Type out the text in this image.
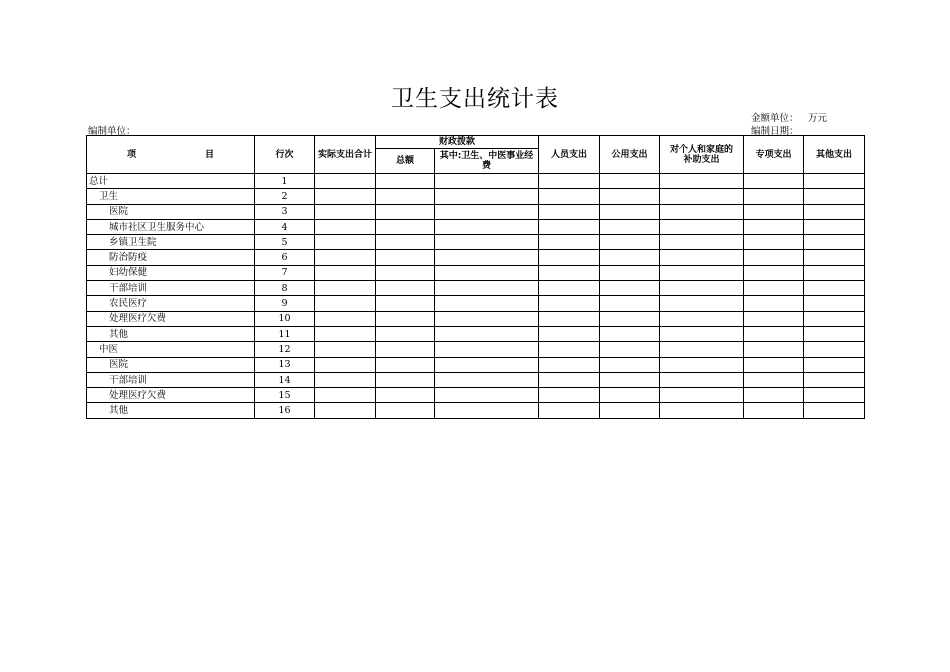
卫生支出统计表
金额单位： 万元
编制单位：	编制日期：
项 目	行次	实际支出合计	财政拨款		人员支出	公用支出	对个人和家庭的补助支出	专项支出	其他支出
			总额	其中:卫生、中医事业经费					
总计	1								
卫生	2								
医院	3								
城市社区卫生服务中心	4								
乡镇卫生院	5								
防治防疫	6								
妇幼保健	7								
干部培训	8								
农民医疗	9								
处理医疗欠费	10								
其他	11								
中医	12								
医院	13								
干部培训	14								
处理医疗欠费	15								
其他	16								
